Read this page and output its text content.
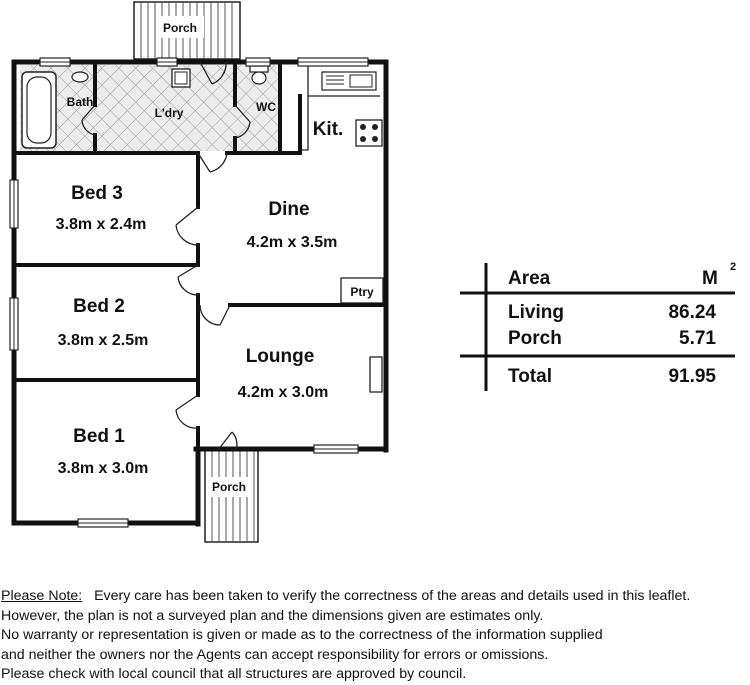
Porch
Bath
L'dry	WC
Kit.
Bed 3
3.8m x 2.4m
Dine
4.2m x 3.5m
Ptry
Bed 2
3.8m x 2.5m
Lounge
4.2m x 3.0m
Bed 1
3.8m x 3.0m
Porch
Area	M
2
Living	86.24
Porch	5.71
Total	91.95
Please Note: Every care has been taken to verify the correctness of the areas and details used in this leaflet.
However, the plan is not a surveyed plan and the dimensions given are estimates only.
No warranty or representation is given or made as to the correctness of the information supplied
and neither the owners nor the Agents can accept responsibility for errors or omissions.
Please check with local council that all structures are approved by council.
